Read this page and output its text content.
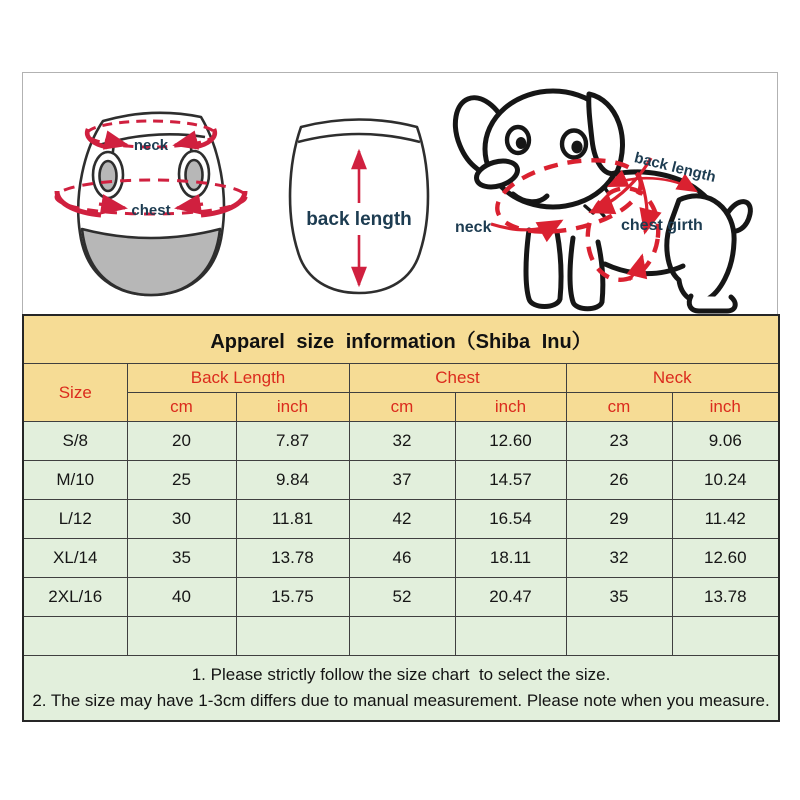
neck
chest	back length	neck
back length
chest girth
Apparel size information（Shiba Inu）						
Size	Back Length		Chest		Neck	
	cm	inch	cm	inch	cm	inch
S/8	20	7.87	32	12.60	23	9.06
M/10	25	9.84	37	14.57	26	10.24
L/12	30	11.81	42	16.54	29	11.42
XL/14	35	13.78	46	18.11	32	12.60
2XL/16	40	15.75	52	20.47	35	13.78

1. Please strictly follow the size chart  to select the size.
2. The size may have 1-3cm differs due to manual measurement. Please note when you measure.						
